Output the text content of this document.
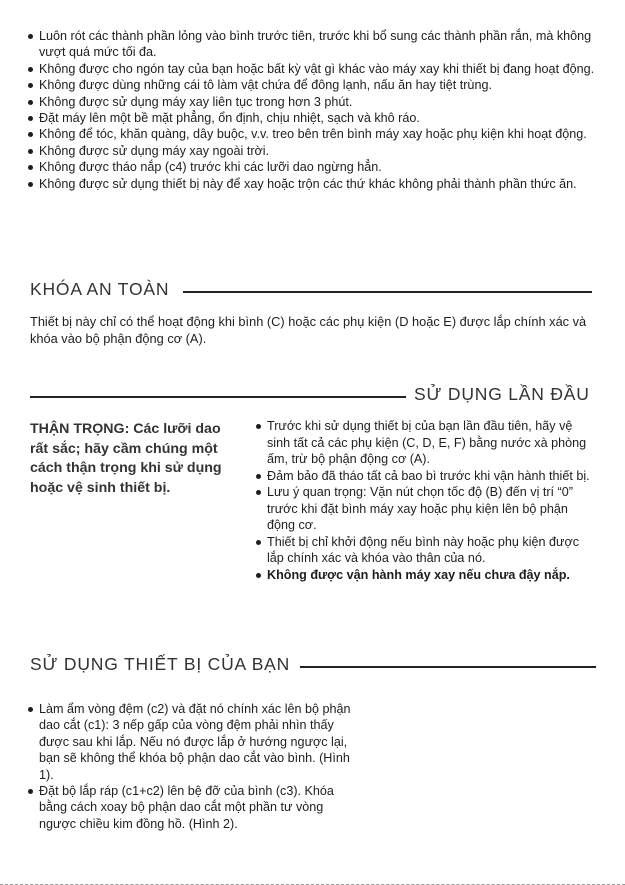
Luôn rót các thành phần lỏng vào bình trước tiên, trước khi bổ sung các thành phần rắn, mà không vượt quá mức tối đa.
Không được cho ngón tay của bạn hoặc bất kỳ vật gì khác vào máy xay khi thiết bị đang hoạt động.
Không được dùng những cái tô làm vật chứa để đông lạnh, nấu ăn hay tiệt trùng.
Không được sử dụng máy xay liên tục trong hơn 3 phút.
Đặt máy lên một bề mặt phẳng, ổn định, chịu nhiệt, sạch và khô ráo.
Không để tóc, khăn quàng, dây buộc, v.v. treo bên trên bình máy xay hoặc phụ kiện khi hoạt động.
Không được sử dụng máy xay ngoài trời.
Không được tháo nắp (c4) trước khi các lưỡi dao ngừng hẳn.
Không được sử dụng thiết bị này để xay hoặc trộn các thứ khác không phải thành phần thức ăn.
KHÓA AN TOÀN
Thiết bị này chỉ có thể hoạt động khi bình (C) hoặc các phụ kiện (D hoặc E) được lắp chính xác và khóa vào bộ phận động cơ (A).
SỬ DỤNG LẦN ĐẦU
THẬN TRỌNG: Các lưỡi dao rất sắc; hãy cầm chúng một cách thận trọng khi sử dụng hoặc vệ sinh thiết bị.
Trước khi sử dụng thiết bị của bạn lần đầu tiên, hãy vệ sinh tất cả các phụ kiện (C, D, E, F) bằng nước xà phòng ấm, trừ bộ phận động cơ (A).
Đảm bảo đã tháo tất cả bao bì trước khi vận hành thiết bị.
Lưu ý quan trọng: Vặn nút chọn tốc độ (B) đến vị trí “0” trước khi đặt bình máy xay hoặc phụ kiện lên bộ phận động cơ.
Thiết bị chỉ khởi động nếu bình này hoặc phụ kiện được lắp chính xác và khóa vào thân của nó.
Không được vận hành máy xay nếu chưa đậy nắp.
SỬ DỤNG THIẾT BỊ CỦA BẠN
Làm ẩm vòng đệm (c2) và đặt nó chính xác lên bộ phận dao cắt (c1): 3 nếp gấp của vòng đệm phải nhìn thấy được sau khi lắp. Nếu nó được lắp ở hướng ngược lại, bạn sẽ không thể khóa bộ phận dao cắt vào bình. (Hình 1).
Đặt bộ lắp ráp (c1+c2) lên bệ đỡ của bình (c3). Khóa bằng cách xoay bộ phận dao cắt một phần tư vòng ngược chiều kim đồng hồ. (Hình 2).
